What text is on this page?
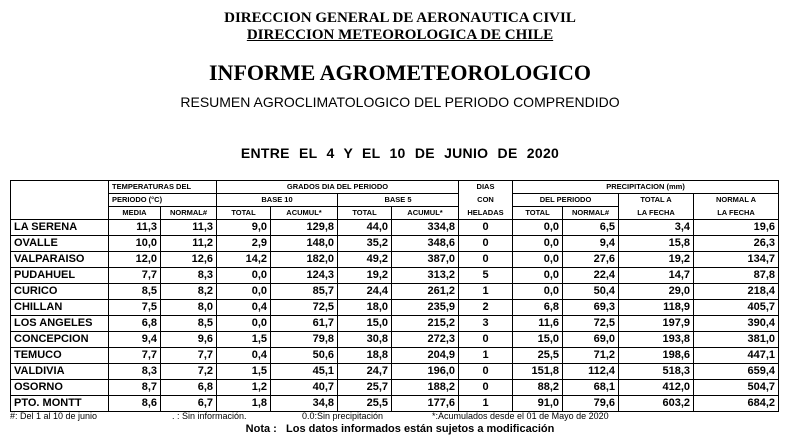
DIRECCION GENERAL DE AERONAUTICA CIVIL
DIRECCION METEOROLOGICA DE CHILE
INFORME AGROMETEOROLOGICO
RESUMEN AGROCLIMATOLOGICO DEL PERIODO COMPRENDIDO
ENTRE EL 4 Y EL 10 DE JUNIO DE 2020
	TEMPERATURAS DEL		GRADOS DIA DEL PERIODO				DIAS	PRECIPITACION (mm)			
	PERIODO (°C)		BASE 10		BASE 5		CON	DEL PERIODO		TOTAL A	NORMAL A
	MEDIA	NORMAL#	TOTAL	ACUMUL*	TOTAL	ACUMUL*	HELADAS	TOTAL	NORMAL#	LA FECHA	LA FECHA
LA SERENA	11,3	11,3	9,0	129,8	44,0	334,8	0	0,0	6,5	3,4	19,6
OVALLE	10,0	11,2	2,9	148,0	35,2	348,6	0	0,0	9,4	15,8	26,3
VALPARAISO	12,0	12,6	14,2	182,0	49,2	387,0	0	0,0	27,6	19,2	134,7
PUDAHUEL	7,7	8,3	0,0	124,3	19,2	313,2	5	0,0	22,4	14,7	87,8
CURICO	8,5	8,2	0,0	85,7	24,4	261,2	1	0,0	50,4	29,0	218,4
CHILLAN	7,5	8,0	0,4	72,5	18,0	235,9	2	6,8	69,3	118,9	405,7
LOS ANGELES	6,8	8,5	0,0	61,7	15,0	215,2	3	11,6	72,5	197,9	390,4
CONCEPCION	9,4	9,6	1,5	79,8	30,8	272,3	0	15,0	69,0	193,8	381,0
TEMUCO	7,7	7,7	0,4	50,6	18,8	204,9	1	25,5	71,2	198,6	447,1
VALDIVIA	8,3	7,2	1,5	45,1	24,7	196,0	0	151,8	112,4	518,3	659,4
OSORNO	8,7	6,8	1,2	40,7	25,7	188,2	0	88,2	68,1	412,0	504,7
PTO. MONTT	8,6	6,7	1,8	34,8	25,5	177,6	1	91,0	79,6	603,2	684,2
#: Del 1 al 10 de junio	. : Sin información.	0.0:Sin precipitación	*:Acumulados desde el 01 de Mayo de 2020
Nota : Los datos informados están sujetos a modificación
